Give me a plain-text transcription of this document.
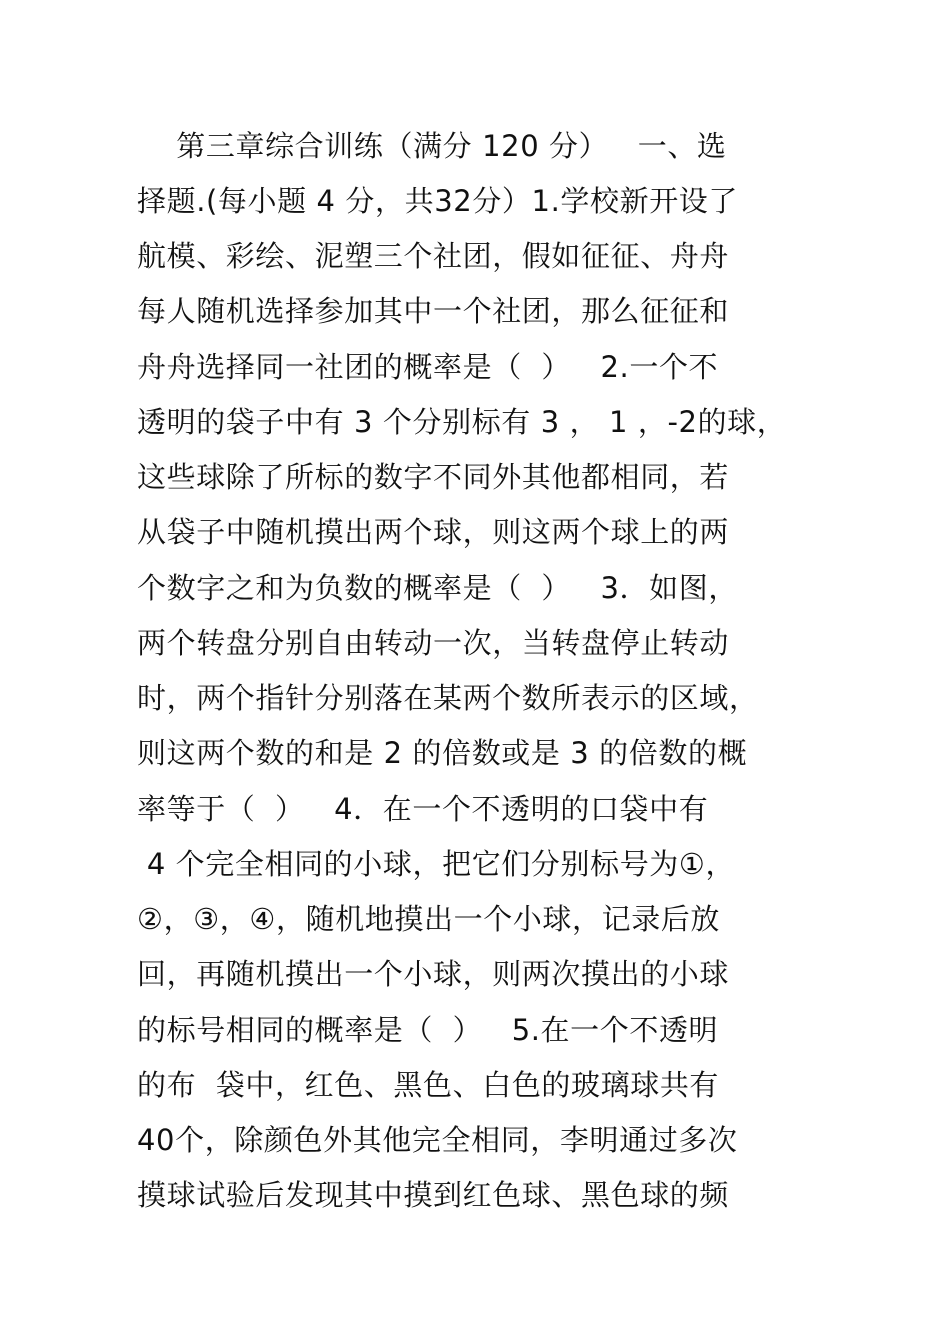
第三章综合训练（满分 120 分）   一、选
择题.(每小题 4 分，共32分）1.学校新开设了
航模、彩绘、泥塑三个社团，假如征征、舟舟
每人随机选择参加其中一个社团，那么征征和
舟舟选择同一社团的概率是（  ）   2.一个不
透明的袋子中有 3 个分别标有 3 ， 1 ，-2的球，
这些球除了所标的数字不同外其他都相同，若
从袋子中随机摸出两个球，则这两个球上的两
个数字之和为负数的概率是（  ）   3．如图，
两个转盘分别自由转动一次，当转盘停止转动
时，两个指针分别落在某两个数所表示的区域，
则这两个数的和是 2 的倍数或是 3 的倍数的概
率等于（  ）   4．在一个不透明的口袋中有
4 个完全相同的小球，把它们分别标号为①，
②，③，④，随机地摸出一个小球，记录后放
回，再随机摸出一个小球，则两次摸出的小球
的标号相同的概率是（  ）   5.在一个不透明
的布  袋中，红色、黑色、白色的玻璃球共有
40个，除颜色外其他完全相同，李明通过多次
摸球试验后发现其中摸到红色球、黑色球的频
